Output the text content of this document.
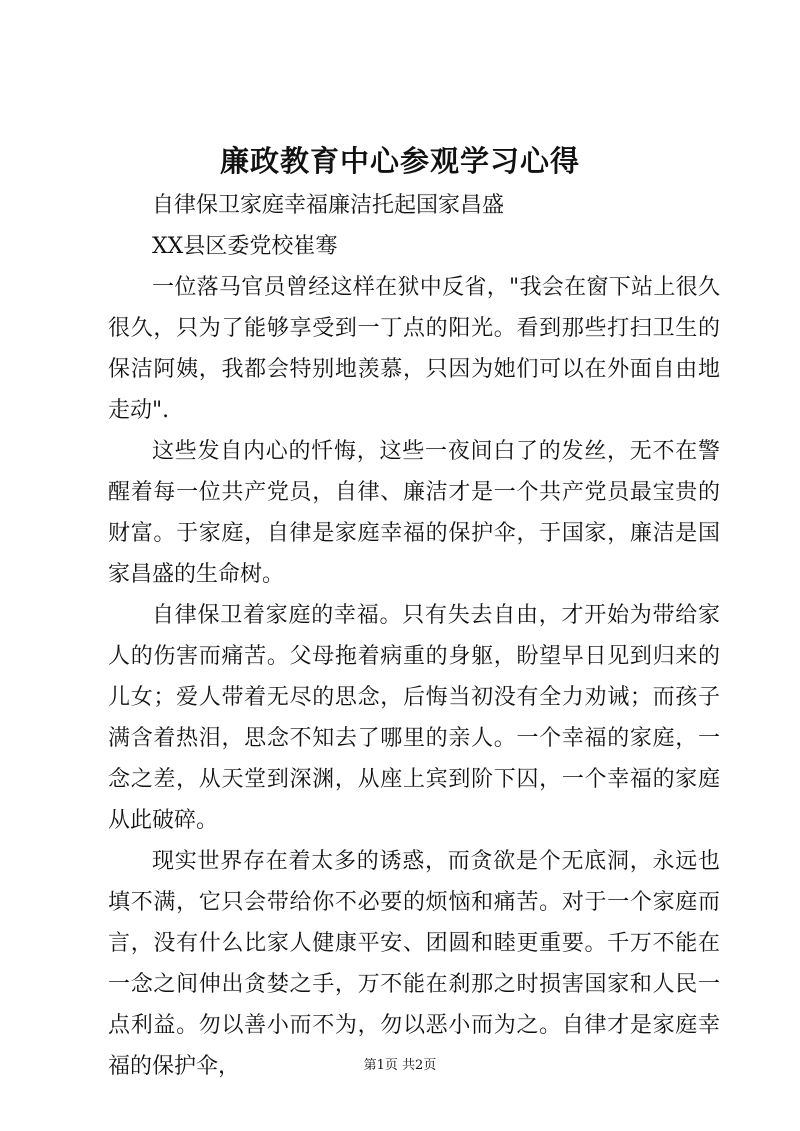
廉政教育中心参观学习心得

自律保卫家庭幸福廉洁托起国家昌盛

XX县区委党校崔骞

一位落马官员曾经这样在狱中反省，"我会在窗下站上很久很久，只为了能够享受到一丁点的阳光。看到那些打扫卫生的保洁阿姨，我都会特别地羡慕，只因为她们可以在外面自由地走动".

这些发自内心的忏悔，这些一夜间白了的发丝，无不在警醒着每一位共产党员，自律、廉洁才是一个共产党员最宝贵的财富。于家庭，自律是家庭幸福的保护伞，于国家，廉洁是国家昌盛的生命树。

自律保卫着家庭的幸福。只有失去自由，才开始为带给家人的伤害而痛苦。父母拖着病重的身躯，盼望早日见到归来的儿女；爱人带着无尽的思念，后悔当初没有全力劝诫；而孩子满含着热泪，思念不知去了哪里的亲人。一个幸福的家庭，一念之差，从天堂到深渊，从座上宾到阶下囚，一个幸福的家庭从此破碎。

现实世界存在着太多的诱惑，而贪欲是个无底洞，永远也填不满，它只会带给你不必要的烦恼和痛苦。对于一个家庭而言，没有什么比家人健康平安、团圆和睦更重要。千万不能在一念之间伸出贪婪之手，万不能在刹那之时损害国家和人民一点利益。勿以善小而不为，勿以恶小而为之。自律才是家庭幸福的保护伞，	第1页 共2页
